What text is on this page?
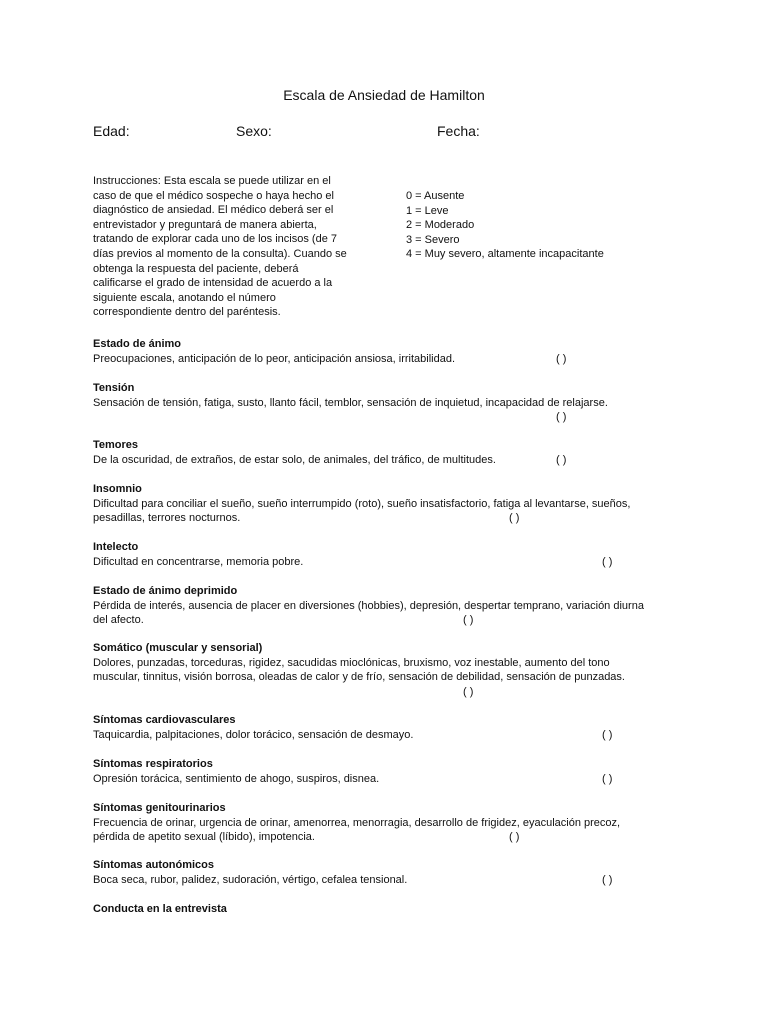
Escala de Ansiedad de Hamilton
Edad:	Sexo:	Fecha:
Instrucciones: Esta escala se puede utilizar en el
caso de que el médico sospeche o haya hecho el
diagnóstico de ansiedad. El médico deberá ser el
entrevistador y preguntará de manera abierta,
tratando de explorar cada uno de los incisos (de 7
días previos al momento de la consulta). Cuando se
obtenga la respuesta del paciente, deberá
calificarse el grado de intensidad de acuerdo a la
siguiente escala, anotando el número
correspondiente dentro del paréntesis.
0 = Ausente
1 = Leve
2 = Moderado
3 = Severo
4 = Muy severo, altamente incapacitante
Estado de ánimo
Preocupaciones, anticipación de lo peor, anticipación ansiosa, irritabilidad.	( )
Tensión
Sensación de tensión, fatiga, susto, llanto fácil, temblor, sensación de inquietud, incapacidad de relajarse.
( )
Temores
De la oscuridad, de extraños, de estar solo, de animales, del tráfico, de multitudes.	( )
Insomnio
Dificultad para conciliar el sueño, sueño interrumpido (roto), sueño insatisfactorio, fatiga al levantarse, sueños,
pesadillas, terrores nocturnos.	( )
Intelecto
Dificultad en concentrarse, memoria pobre.	( )
Estado de ánimo deprimido
Pérdida de interés, ausencia de placer en diversiones (hobbies), depresión, despertar temprano, variación diurna
del afecto.	( )
Somático (muscular y sensorial)
Dolores, punzadas, torceduras, rigidez, sacudidas mioclónicas, bruxismo, voz inestable, aumento del tono
muscular, tinnitus, visión borrosa, oleadas de calor y de frío, sensación de debilidad, sensación de punzadas.
( )
Síntomas cardiovasculares
Taquicardia, palpitaciones, dolor torácico, sensación de desmayo.	( )
Síntomas respiratorios
Opresión torácica, sentimiento de ahogo, suspiros, disnea.	( )
Síntomas genitourinarios
Frecuencia de orinar, urgencia de orinar, amenorrea, menorragia, desarrollo de frigidez, eyaculación precoz,
pérdida de apetito sexual (líbido), impotencia.	( )
Síntomas autonómicos
Boca seca, rubor, palidez, sudoración, vértigo, cefalea tensional.	( )
Conducta en la entrevista
